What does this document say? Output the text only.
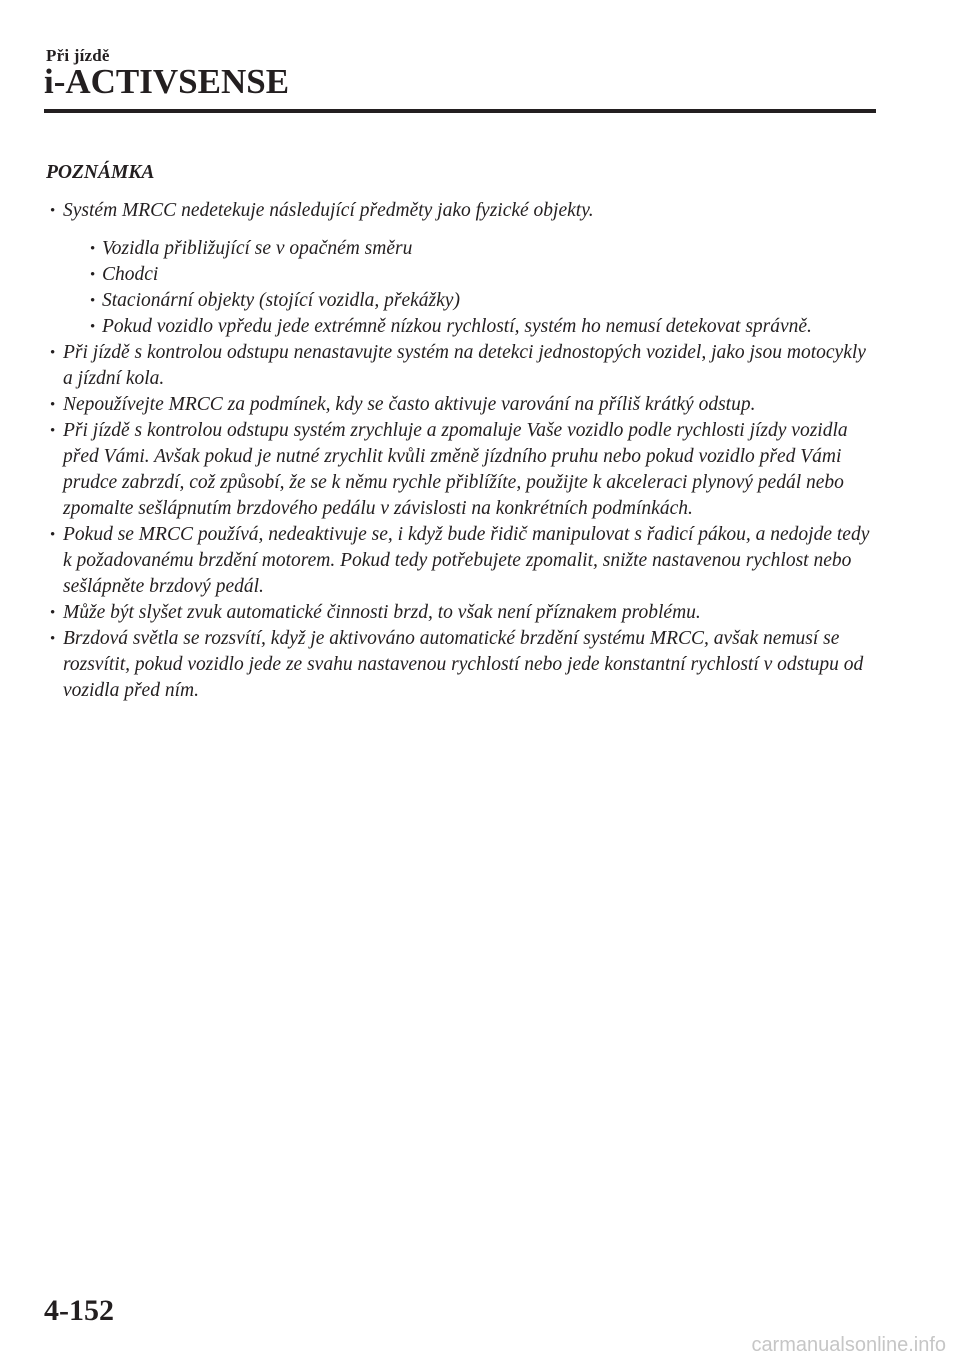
Při jízdě
i-ACTIVSENSE
POZNÁMKA
• Systém MRCC nedetekuje následující předměty jako fyzické objekty.
• Vozidla přibližující se v opačném směru
• Chodci
• Stacionární objekty (stojící vozidla, překážky)
• Pokud vozidlo vpředu jede extrémně nízkou rychlostí, systém ho nemusí detekovat správně.
• Při jízdě s kontrolou odstupu nenastavujte systém na detekci jednostopých vozidel, jako jsou motocykly a jízdní kola.
• Nepoužívejte MRCC za podmínek, kdy se často aktivuje varování na příliš krátký odstup.
• Při jízdě s kontrolou odstupu systém zrychluje a zpomaluje Vaše vozidlo podle rychlosti jízdy vozidla před Vámi. Avšak pokud je nutné zrychlit kvůli změně jízdního pruhu nebo pokud vozidlo před Vámi prudce zabrzdí, což způsobí, že se k němu rychle přiblížíte, použijte k akceleraci plynový pedál nebo zpomalte sešlápnutím brzdového pedálu v závislosti na konkrétních podmínkách.
• Pokud se MRCC používá, nedeaktivuje se, i když bude řidič manipulovat s řadicí pákou, a nedojde tedy k požadovanému brzdění motorem. Pokud tedy potřebujete zpomalit, snižte nastavenou rychlost nebo sešlápněte brzdový pedál.
• Může být slyšet zvuk automatické činnosti brzd, to však není příznakem problému.
• Brzdová světla se rozsvítí, když je aktivováno automatické brzdění systému MRCC, avšak nemusí se rozsvítit, pokud vozidlo jede ze svahu nastavenou rychlostí nebo jede konstantní rychlostí v odstupu od vozidla před ním.
4-152
carmanualsonline.info
